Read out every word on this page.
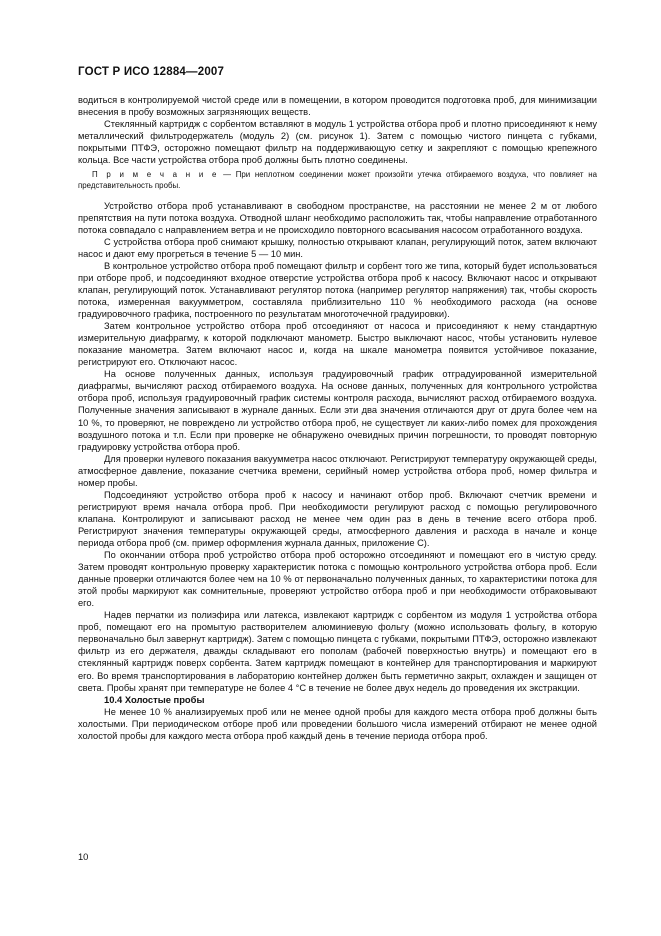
ГОСТ Р ИСО 12884—2007

водиться в контролируемой чистой среде или в помещении, в котором проводится подготовка проб, для минимизации внесения в пробу возможных загрязняющих веществ.

Стеклянный картридж с сорбентом вставляют в модуль 1 устройства отбора проб и плотно присоединяют к нему металлический фильтродержатель (модуль 2) (см. рисунок 1). Затем с помощью чистого пинцета с губками, покрытыми ПТФЭ, осторожно помещают фильтр на поддерживающую сетку и закрепляют с помощью крепежного кольца. Все части устройства отбора проб должны быть плотно соединены.

П р и м е ч а н и е — При неплотном соединении может произойти утечка отбираемого воздуха, что повлияет на представительность пробы.

Устройство отбора проб устанавливают в свободном пространстве, на расстоянии не менее 2 м от любого препятствия на пути потока воздуха. Отводной шланг необходимо расположить так, чтобы направление отработанного потока совпадало с направлением ветра и не происходило повторного всасывания насосом отработанного воздуха.

С устройства отбора проб снимают крышку, полностью открывают клапан, регулирующий поток, затем включают насос и дают ему прогреться в течение 5 — 10 мин.

В контрольное устройство отбора проб помещают фильтр и сорбент того же типа, который будет использоваться при отборе проб, и подсоединяют входное отверстие устройства отбора проб к насосу. Включают насос и открывают клапан, регулирующий поток. Устанавливают регулятор потока (например регулятор напряжения) так, чтобы скорость потока, измеренная вакуумметром, составляла приблизительно 110 % необходимого расхода (на основе градуировочного графика, построенного по результатам многоточечной градуировки).

Затем контрольное устройство отбора проб отсоединяют от насоса и присоединяют к нему стандартную измерительную диафрагму, к которой подключают манометр. Быстро выключают насос, чтобы установить нулевое показание манометра. Затем включают насос и, когда на шкале манометра появится устойчивое показание, регистрируют его. Отключают насос.

На основе полученных данных, используя градуировочный график отградуированной измерительной диафрагмы, вычисляют расход отбираемого воздуха. На основе данных, полученных для контрольного устройства отбора проб, используя градуировочный график системы контроля расхода, вычисляют расход отбираемого воздуха. Полученные значения записывают в журнале данных. Если эти два значения отличаются друг от друга более чем на 10 %, то проверяют, не повреждено ли устройство отбора проб, не существует ли каких-либо помех для прохождения воздушного потока и т.п. Если при проверке не обнаружено очевидных причин погрешности, то проводят повторную градуировку устройства отбора проб.

Для проверки нулевого показания вакуумметра насос отключают. Регистрируют температуру окружающей среды, атмосферное давление, показание счетчика времени, серийный номер устройства отбора проб, номер фильтра и номер пробы.

Подсоединяют устройство отбора проб к насосу и начинают отбор проб. Включают счетчик времени и регистрируют время начала отбора проб. При необходимости регулируют расход с помощью регулировочного клапана. Контролируют и записывают расход не менее чем один раз в день в течение всего отбора проб. Регистрируют значения температуры окружающей среды, атмосферного давления и расхода в начале и конце периода отбора проб (см. пример оформления журнала данных, приложение С).

По окончании отбора проб устройство отбора проб осторожно отсоединяют и помещают его в чистую среду. Затем проводят контрольную проверку характеристик потока с помощью контрольного устройства отбора проб. Если данные проверки отличаются более чем на 10 % от первоначально полученных данных, то характеристики потока для этой пробы маркируют как сомнительные, проверяют устройство отбора проб и при необходимости отбраковывают его.

Надев перчатки из полиэфира или латекса, извлекают картридж с сорбентом из модуля 1 устройства отбора проб, помещают его на промытую растворителем алюминиевую фольгу (можно использовать фольгу, в которую первоначально был завернут картридж). Затем с помощью пинцета с губками, покрытыми ПТФЭ, осторожно извлекают фильтр из его держателя, дважды складывают его пополам (рабочей поверхностью внутрь) и помещают его в стеклянный картридж поверх сорбента. Затем картридж помещают в контейнер для транспортирования и маркируют его. Во время транспортирования в лабораторию контейнер должен быть герметично закрыт, охлажден и защищен от света. Пробы хранят при температуре не более 4 °С в течение не более двух недель до проведения их экстракции.

10.4 Холостые пробы

Не менее 10 % анализируемых проб или не менее одной пробы для каждого места отбора проб должны быть холостыми. При периодическом отборе проб или проведении большого числа измерений отбирают не менее одной холостой пробы для каждого места отбора проб каждый день в течение периода отбора проб.

10
